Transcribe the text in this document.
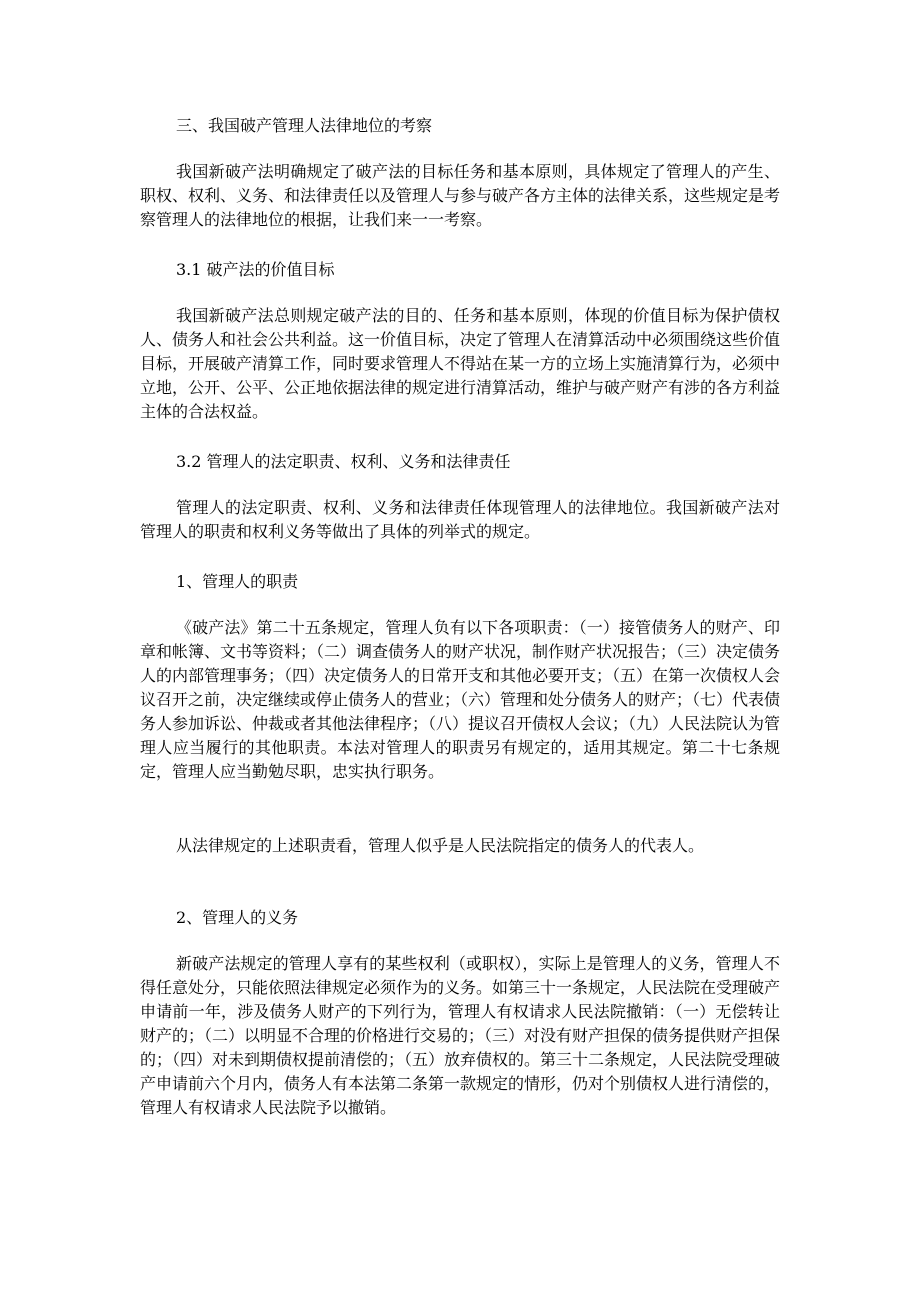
三、我国破产管理人法律地位的考察

我国新破产法明确规定了破产法的目标任务和基本原则，具体规定了管理人的产生、职权、权利、义务、和法律责任以及管理人与参与破产各方主体的法律关系，这些规定是考察管理人的法律地位的根据，让我们来一一考察。

3.1 破产法的价值目标

我国新破产法总则规定破产法的目的、任务和基本原则，体现的价值目标为保护债权人、债务人和社会公共利益。这一价值目标，决定了管理人在清算活动中必须围绕这些价值目标，开展破产清算工作，同时要求管理人不得站在某一方的立场上实施清算行为，必须中立地，公开、公平、公正地依据法律的规定进行清算活动，维护与破产财产有涉的各方利益主体的合法权益。

3.2 管理人的法定职责、权利、义务和法律责任

管理人的法定职责、权利、义务和法律责任体现管理人的法律地位。我国新破产法对管理人的职责和权利义务等做出了具体的列举式的规定。

1、管理人的职责

《破产法》第二十五条规定，管理人负有以下各项职责：（一）接管债务人的财产、印章和帐簿、文书等资料；（二）调查债务人的财产状况，制作财产状况报告；（三）决定债务人的内部管理事务；（四）决定债务人的日常开支和其他必要开支；（五）在第一次债权人会议召开之前，决定继续或停止债务人的营业；（六）管理和处分债务人的财产；（七）代表债务人参加诉讼、仲裁或者其他法律程序；（八）提议召开债权人会议；（九）人民法院认为管理人应当履行的其他职责。本法对管理人的职责另有规定的，适用其规定。第二十七条规定，管理人应当勤勉尽职，忠实执行职务。

从法律规定的上述职责看，管理人似乎是人民法院指定的债务人的代表人。

2、管理人的义务

新破产法规定的管理人享有的某些权利（或职权），实际上是管理人的义务，管理人不得任意处分，只能依照法律规定必须作为的义务。如第三十一条规定，人民法院在受理破产申请前一年，涉及债务人财产的下列行为，管理人有权请求人民法院撤销：（一）无偿转让财产的；（二）以明显不合理的价格进行交易的；（三）对没有财产担保的债务提供财产担保的；（四）对未到期债权提前清偿的；（五）放弃债权的。第三十二条规定，人民法院受理破产申请前六个月内，债务人有本法第二条第一款规定的情形，仍对个别债权人进行清偿的，管理人有权请求人民法院予以撤销。
